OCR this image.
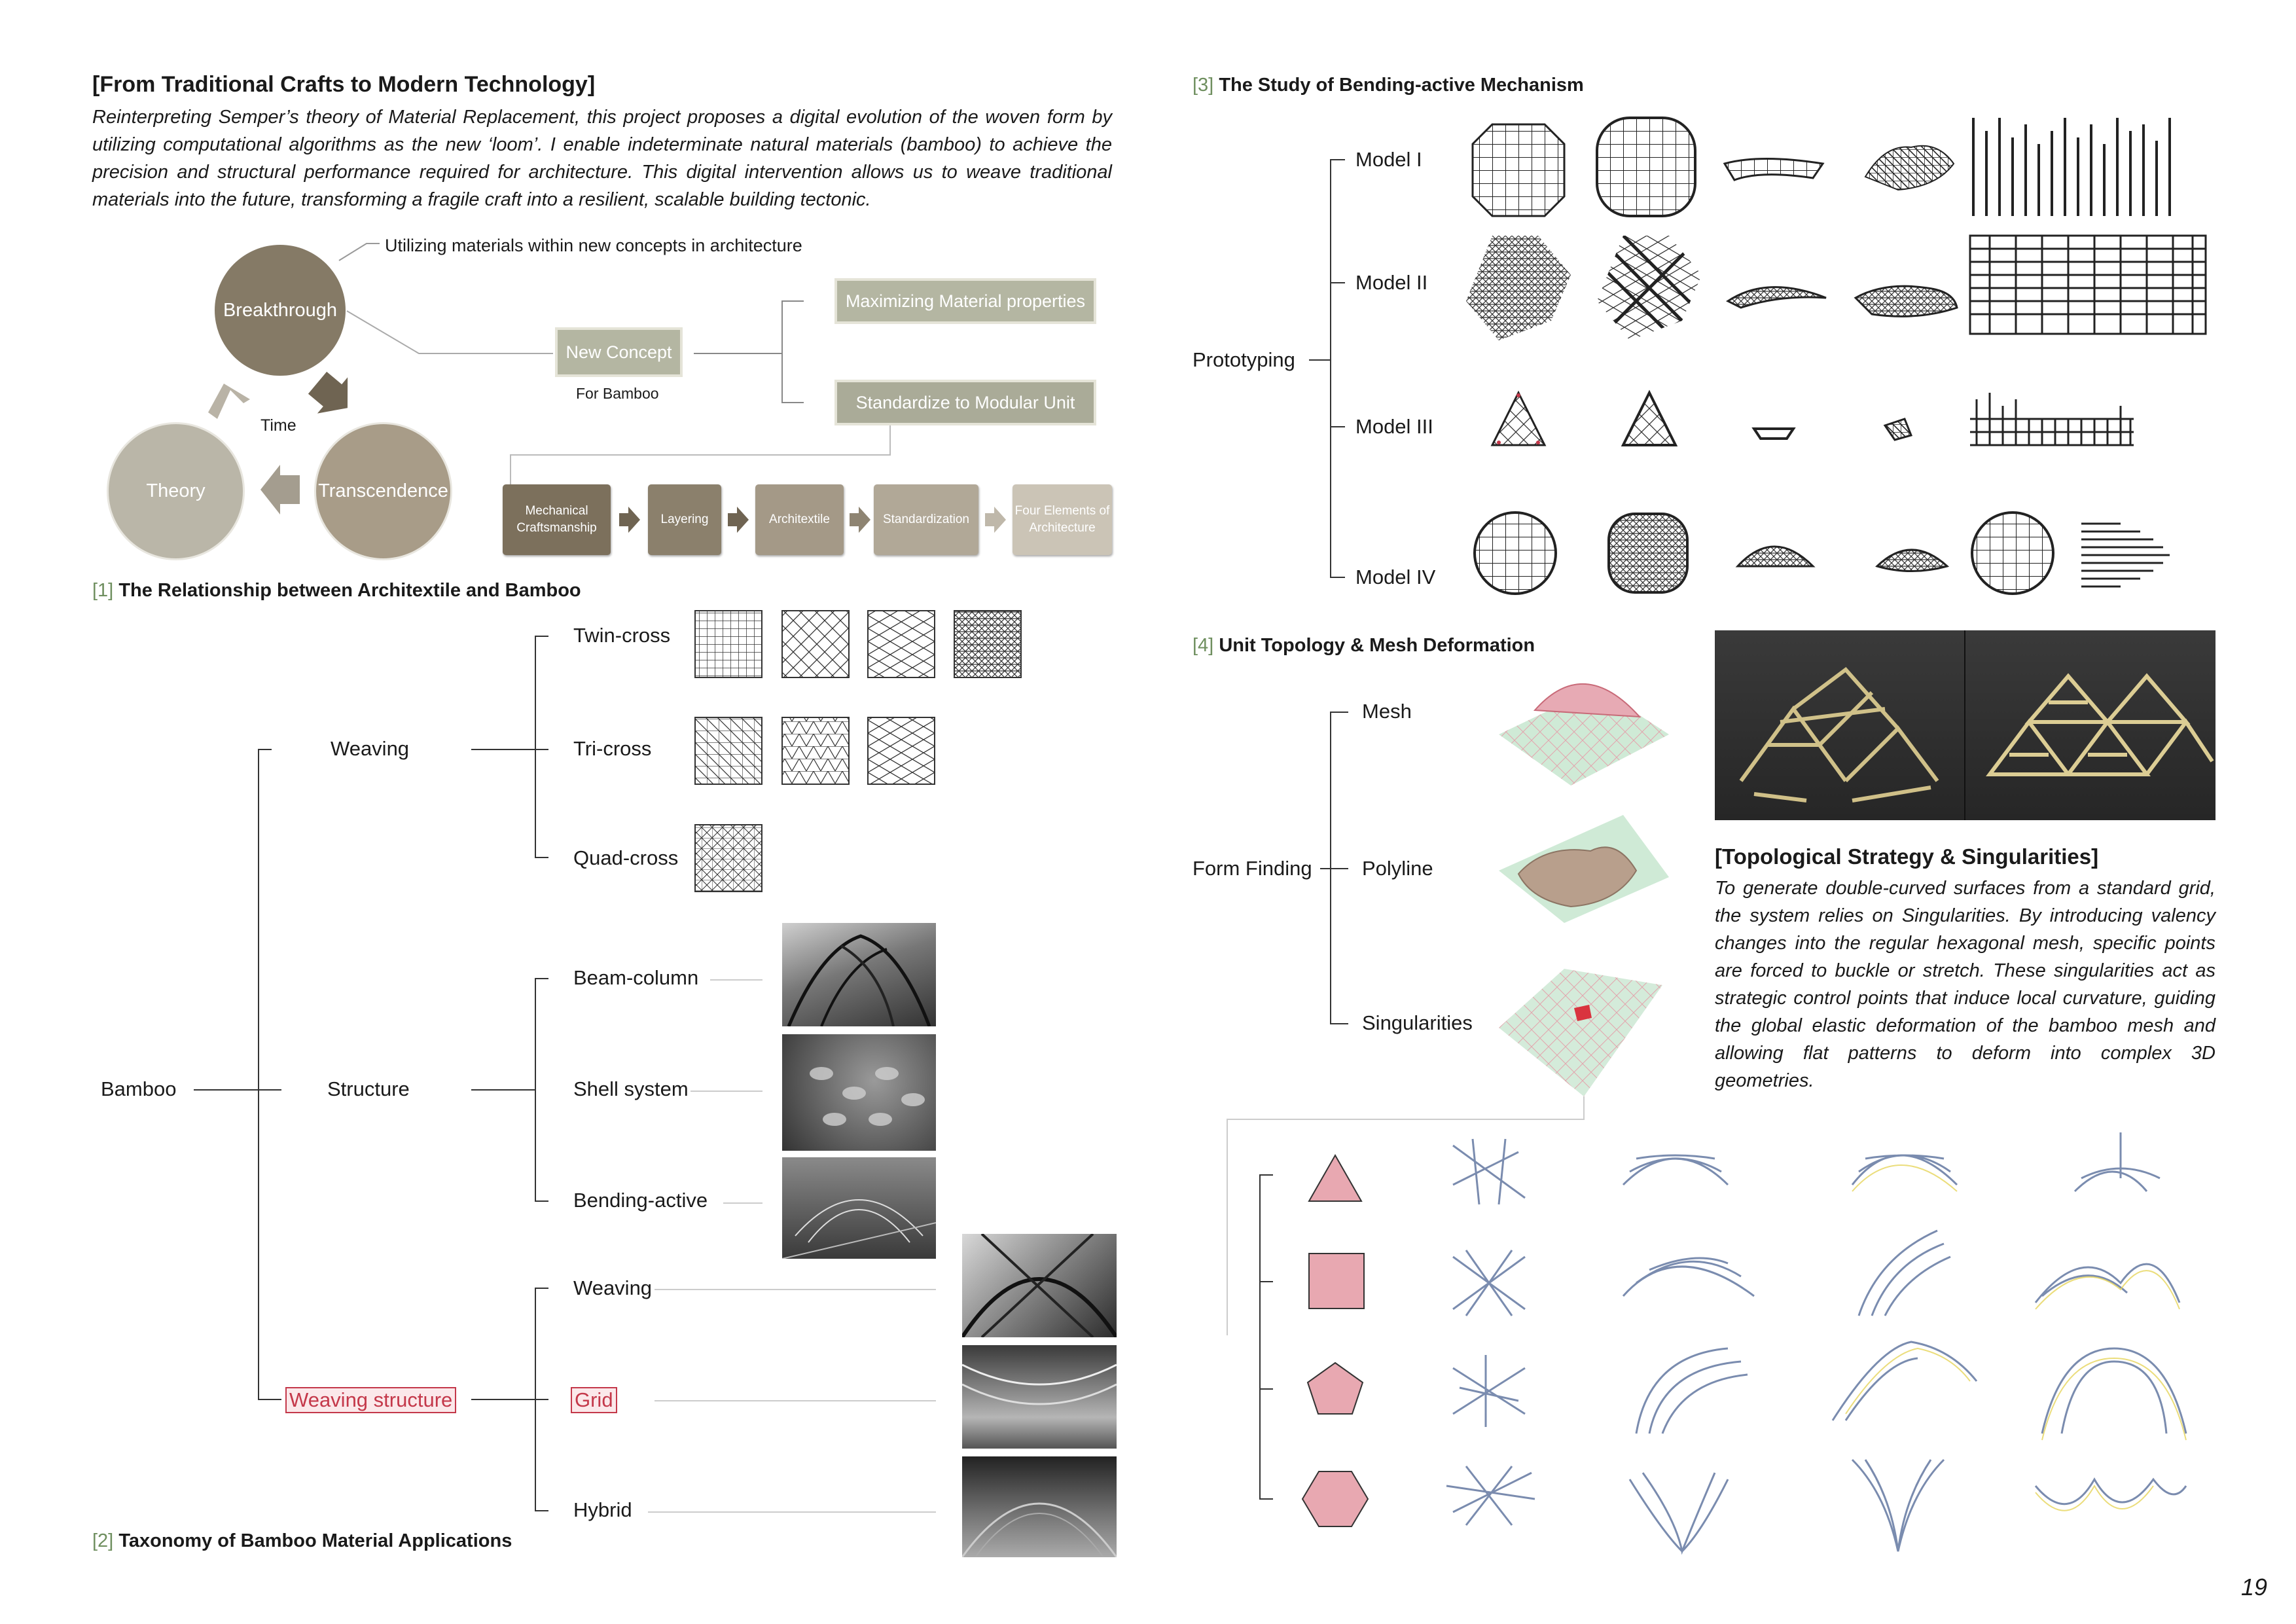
[From Traditional Crafts to Modern Technology]
Reinterpreting Semper’s theory of Material Replacement, this project proposes a digital evolution of the woven form by utilizing computational algorithms as the new ‘loom’. I enable indeterminate natural materials (bamboo) to achieve the precision and structural performance required for architecture. This digital intervention allows us to weave traditional materials into the future, transforming a fragile craft into a resilient, scalable building tectonic.
Breakthrough
Theory	Transcendence
Time
Utilizing materials within new concepts in architecture
New Concept
For Bamboo
Maximizing Material properties
Standardize to Modular Unit
Mechanical Craftsmanship
Layering	Architextile	Standardization
Four Elements of Architecture
[1] The Relationship between Architextile and Bamboo
Bamboo
Weaving
Structure
Weaving structure
Twin-cross
Tri-cross
Quad-cross
Beam-column
Shell system
Bending-active
Weaving
Grid
Hybrid
[2] Taxonomy of Bamboo Material Applications
[3] The Study of Bending-active Mechanism
Prototyping
Model I
Model II
Model III
Model IV
[4] Unit Topology & Mesh Deformation
Form Finding
Mesh
Polyline
Singularities
[Topological Strategy & Singularities]
To generate double-curved surfaces from a standard grid, the system relies on Singularities. By introducing valency changes into the regular hexagonal mesh, specific points are forced to buckle or stretch. These singularities act as strategic control points that induce local curvature, guiding the global elastic deformation of the bamboo mesh and allowing flat patterns to deform into complex 3D geometries.
19
